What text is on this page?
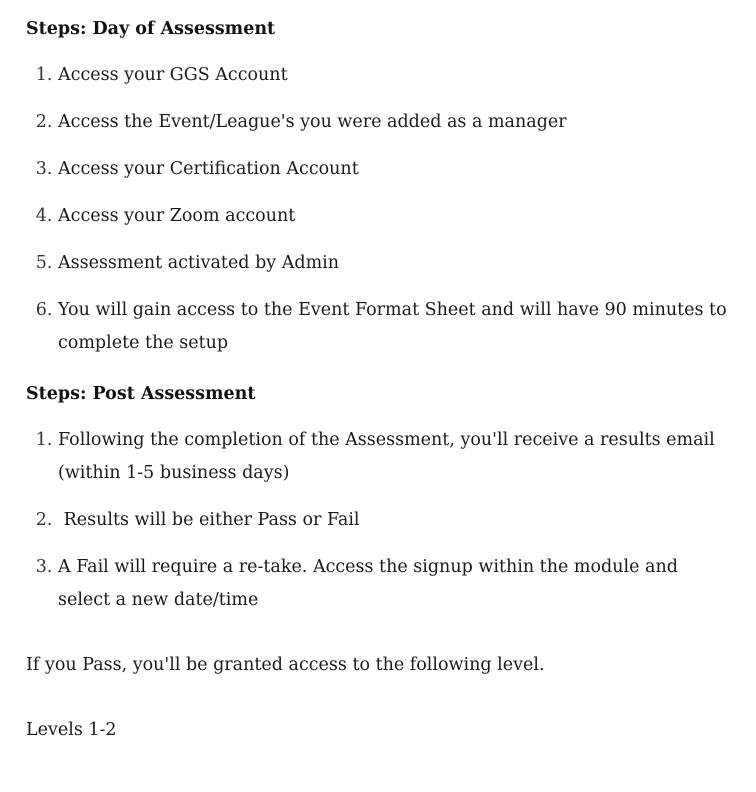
Steps: Day of Assessment

1. Access your GGS Account
2. Access the Event/League's you were added as a manager
3. Access your Certification Account
4. Access your Zoom account
5. Assessment activated by Admin
6. You will gain access to the Event Format Sheet and will have 90 minutes to complete the setup

Steps: Post Assessment

1. Following the completion of the Assessment, you'll receive a results email (within 1-5 business days)
2.  Results will be either Pass or Fail
3. A Fail will require a re-take. Access the signup within the module and select a new date/time

If you Pass, you'll be granted access to the following level.

Levels 1-2
